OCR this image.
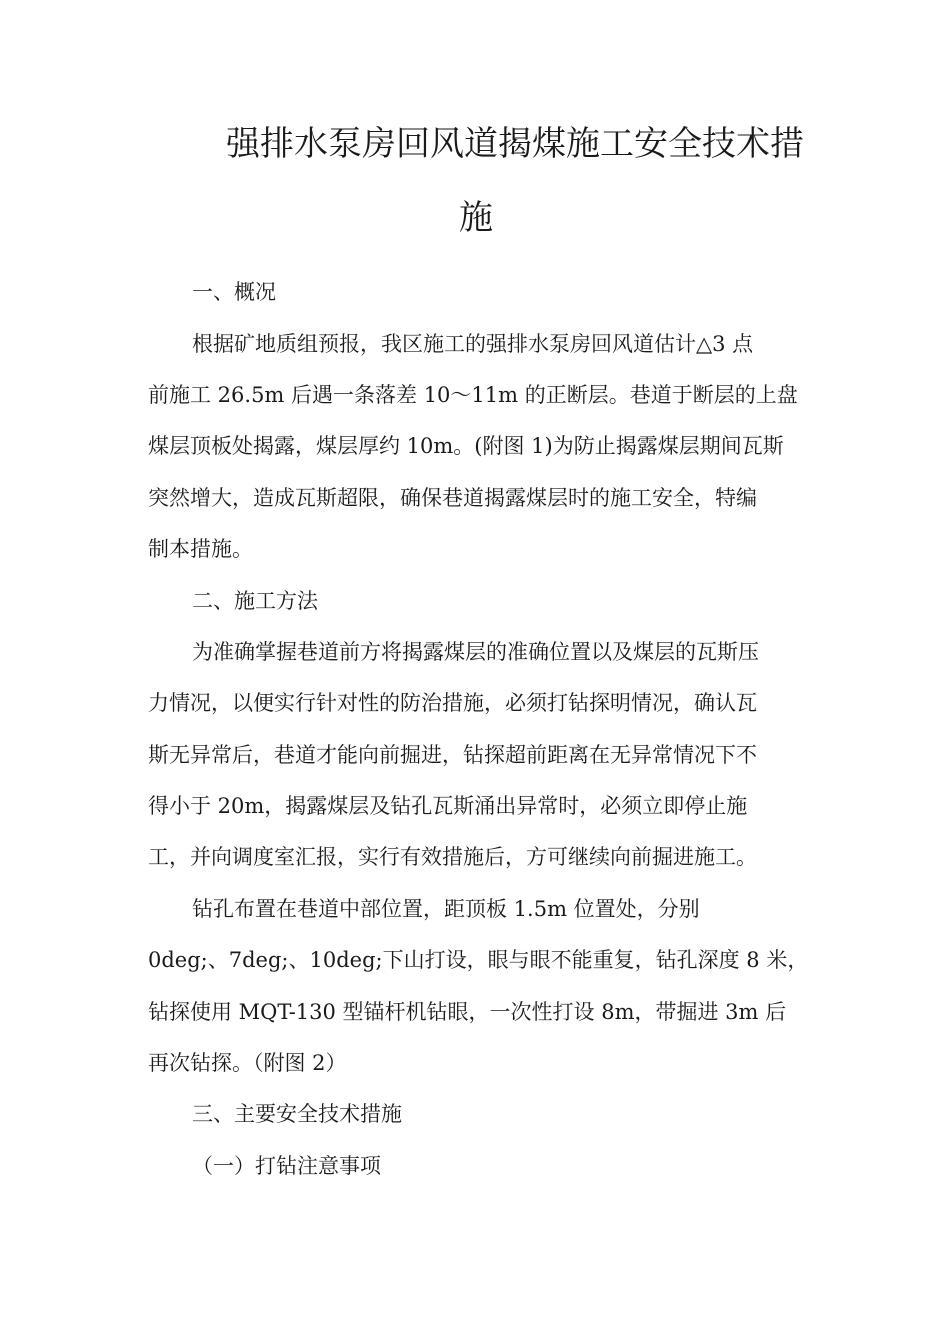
强排水泵房回风道揭煤施工安全技术措
施
一、概况
根据矿地质组预报，我区施工的强排水泵房回风道估计△3 点
前施工 26.5m 后遇一条落差 10～11m 的正断层。巷道于断层的上盘
煤层顶板处揭露，煤层厚约 10m。(附图 1)为防止揭露煤层期间瓦斯
突然增大，造成瓦斯超限，确保巷道揭露煤层时的施工安全，特编
制本措施。
二、施工方法
为准确掌握巷道前方将揭露煤层的准确位置以及煤层的瓦斯压
力情况，以便实行针对性的防治措施，必须打钻探明情况，确认瓦
斯无异常后，巷道才能向前掘进，钻探超前距离在无异常情况下不
得小于 20m，揭露煤层及钻孔瓦斯涌出异常时，必须立即停止施
工，并向调度室汇报，实行有效措施后，方可继续向前掘进施工。
钻孔布置在巷道中部位置，距顶板 1.5m 位置处，分别
0deg;、7deg;、10deg;下山打设，眼与眼不能重复，钻孔深度 8 米，
钻探使用 MQT-130 型锚杆机钻眼，一次性打设 8m，带掘进 3m 后
再次钻探。（附图 2）
三、主要安全技术措施
（一）打钻注意事项
